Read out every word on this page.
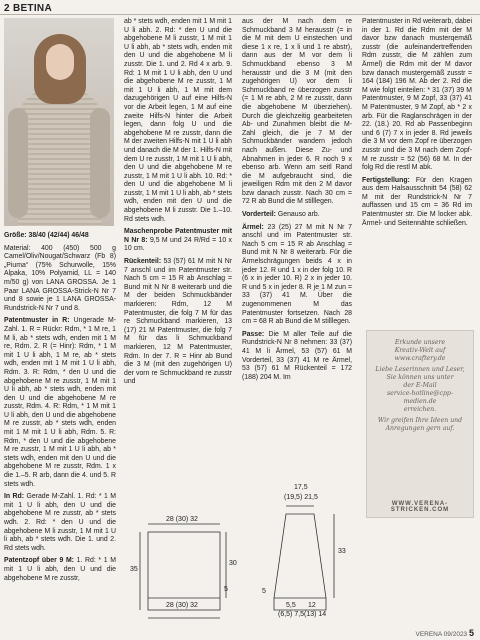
2 BETINA

Größe: 38/40 (42/44) 46/48

Material: 400 (450) 500 g Camel/Oliv/Nougat/Schwarz (Fb 8) „Piuma“ (75% Schurwolle, 15% Alpaka, 10% Polyamid, LL = 140 m/50 g) von LANA GROSSA. Je 1 Paar LANA GROSSA-Strick-N Nr 7 und 8 sowie je 1 LANA GROSSA-Rundstrick-N Nr 7 und 8.

Patentmuster in R: Ungerade M-Zahl. 1. R = Rückr: Rdm, * 1 M re, 1 M li, ab * stets wdh, enden mit 1 M re, Rdm. 2. R (= Hinr): Rdm, * 1 M mit 1 U li abh, 1 M re, ab * stets wdh, enden mit 1 M mit 1 U li abh, Rdm. 3. R: Rdm, * den U und die abgehobene M re zusstr, 1 M mit 1 U li abh, ab * stets wdh, enden mit den U und die abgehobene M re zusstr, Rdm. 4. R: Rdm, * 1 M mit 1 U li abh, den U und die abgehobene M re zusstr, ab * stets wdh, enden mit 1 M mit 1 U li abh, Rdm. 5. R: Rdm, * den U und die abgehobene M re zusstr, 1 M mit 1 U li abh, ab * stets wdh, enden mit den U und die abgehobene M re zusstr, Rdm. 1 x die 1.–5. R arb, dann die 4. und 5. R stets wdh.

In Rd: Gerade M-Zahl. 1. Rd: * 1 M mit 1 U li abh, den U und die abgehobene M re zusstr, ab * stets wdh. 2. Rd: * den U und die abgehobene M li zusstr, 1 M mit 1 U li abh, ab * stets wdh. Die 1. und 2. Rd stets wdh.

Patentzopf über 9 M: 1. Rd: * 1 M mit 1 U li abh, den U und die abgehobene M re zusstr,

ab * stets wdh, enden mit 1 M mit 1 U li abh. 2. Rd: * den U und die abgehobene M li zusstr, 1 M mit 1 U li abh, ab * stets wdh, enden mit den U und die abgehobene M li zusstr. Die 1. und 2. Rd 4 x arb. 9. Rd: 1 M mit 1 U li abh, den U und die abgehobene M re zusstr, 1 M mit 1 U li abh, 1 M mit dem dazugehörigen U auf eine Hilfs-N vor die Arbeit legen, 1 M auf eine zweite Hilfs-N hinter die Arbeit legen, dann folg U und die abgehobene M re zusstr, dann die M der zweiten Hilfs-N mit 1 U li abh und danach die M der 1. Hilfs-N mit dem U re zusstr, 1 M mit 1 U li abh, den U und die abgehobene M re zusstr, 1 M mit 1 U li abh. 10. Rd: * den U und die abgehobene M li zusstr, 1 M mit 1 U li abh, ab * stets wdh, enden mit den U und die abgehobene M li zusstr. Die 1.–10. Rd stets wdh.

Maschenprobe Patentmuster mit N Nr 8: 9,5 M und 24 R/Rd = 10 x 10 cm.

Rückenteil: 53 (57) 61 M mit N Nr 7 anschl und im Patentmuster str. Nach 5 cm = 15 R ab Anschlag = Bund mit N Nr 8 weiterarb und die M der beiden Schmuckbänder markieren: Rdm, 12 M Patentmuster, die folg 7 M für das re Schmuckband markieren, 13 (17) 21 M Patentmuster, die folg 7 M für das li Schmuckband markieren, 12 M Patentmuster, Rdm. In der 7. R = Hinr ab Bund die 3 M (mit den zugehörigen U) der vorn re Schmuckband re zusstr und

aus der M nach dem re Schmuckband 3 M herausstr (= in die M mit dem U einstechen und diese 1 x re, 1 x li und 1 re abstr), dann aus der M vor dem li Schmuckband ebenso 3 M herausstr und die 3 M (mit den zugehörigen U) vor dem li Schmuckband re überzogen zusstr (= 1 M re abh, 2 M re zusstr, dann die abgehobene M überziehen). Durch die gleichzeitig gearbeiteten Ab- und Zunahmen bleibt die M-Zahl gleich, die je 7 M der Schmuckbänder wandern jedoch nach außen. Diese Zu- und Abnahmen in jeder 6. R noch 9 x ebenso arb. Wenn am seitl Rand die M aufgebraucht sind, die jeweiligen Rdm mit den 2 M davor bzw danach zusstr. Nach 30 cm = 72 R ab Bund die M stilllegen.

Vorderteil: Genauso arb.

Ärmel: 23 (25) 27 M mit N Nr 7 anschl und im Patentmuster str. Nach 5 cm = 15 R ab Anschlag = Bund mit N Nr 8 weiterarb. Für die Ärmelschrägungen beids 4 x in jeder 12. R und 1 x in der folg 10. R (6 x in jeder 10. R) 2 x in jeder 10. R und 5 x in jeder 8. R je 1 M zun = 33 (37) 41 M. Über die zugenommenen M das Patentmuster fortsetzen. Nach 28 cm = 68 R ab Bund die M stilllegen.

Passe: Die M aller Teile auf die Rundstrick-N Nr 8 nehmen: 33 (37) 41 M li Ärmel, 53 (57) 61 M Vorderteil, 33 (37) 41 M re Ärmel, 53 (57) 61 M Rückenteil = 172 (188) 204 M. Im

Patentmuster in Rd weiterarb, dabei in der 1. Rd die Rdm mit der M davor bzw danach musterqemäß zusstr (die aufeinandertreffenden Rdm zusstr, die M zählen zum Ärmel) die Rdm mit der M davor bzw danach mustergemäß zusstr = 164 (184) 196 M. Ab der 2. Rd die M wie folgt einteilen: * 31 (37) 39 M Patentmuster, 9 M Zopf, 33 (37) 41 M Patentmuster, 9 M Zopf, ab * 2 x arb. Für die Raglanschrägen in der 22. (18.) 20. Rd ab Passenbeginn und 6 (7) 7 x in jeder 8. Rd jeweils die 3 M vor dem Zopf re überzogen zusstr und die 3 M nach dem Zopf-M re zusstr = 52 (56) 68 M. In der folg Rd die restl M abk.

Fertigstellung: Für den Kragen aus dem Halsausschnitt 54 (58) 62 M mit der Rundstrick-N Nr 7 auffassen und 15 cm = 36 Rd im Patentmuster str. Die M locker abk. Ärmel- und Seitennähte schließen.

Erkunde unsere
Kreativ-Welt auf
www.craftery.de

Liebe Leserinnen und Leser,
Sie können uns unter
der E-Mail
service-hotline@cpp-medien.de
erreichen.

Wir greifen Ihre Ideen und
Anregungen gern auf.

WWW.VERENA-STRICKEN.COM
28 (30) 32
28 (30) 32
35
30
5
17,5
(19,5) 21,5
33
5
5,5
(6,5) 7,5
12
(13) 14
VERENA 09/2023 5
